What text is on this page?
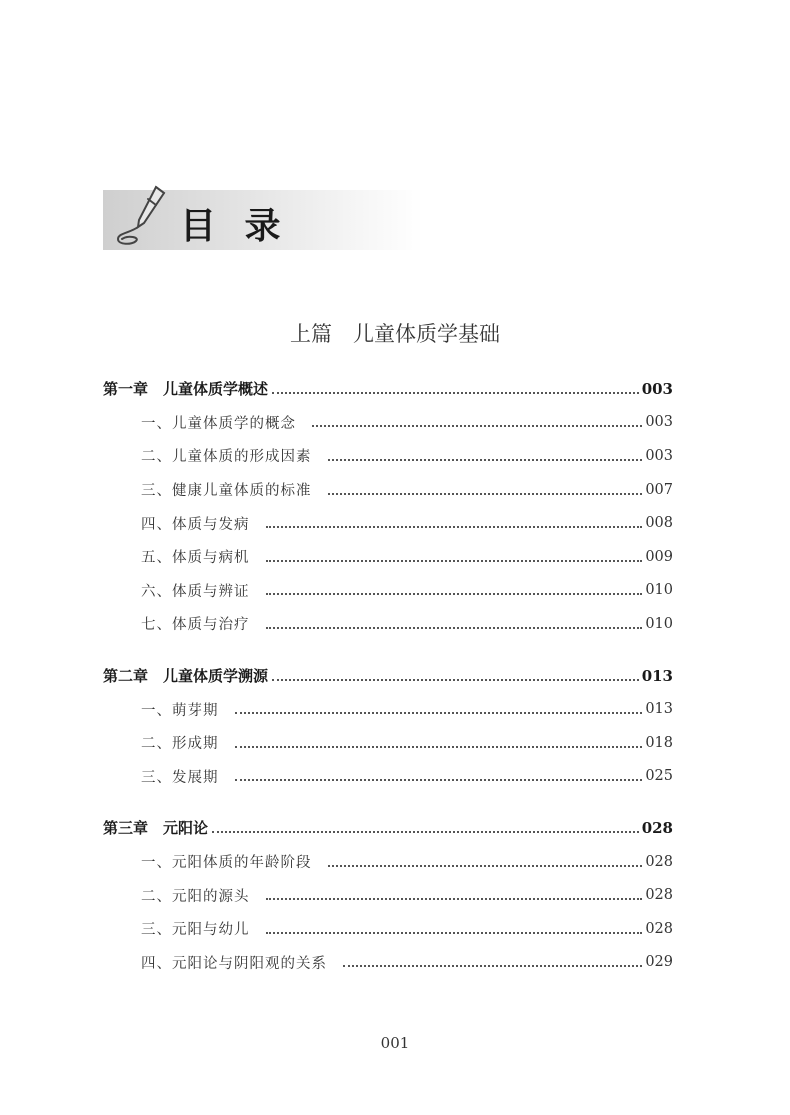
目 录
上篇　儿童体质学基础
第一章　儿童体质学概述	003
一、儿童体质学的概念	003
二、儿童体质的形成因素	003
三、健康儿童体质的标准	007
四、体质与发病	008
五、体质与病机	009
六、体质与辨证	010
七、体质与治疗	010
第二章　儿童体质学溯源	013
一、萌芽期	013
二、形成期	018
三、发展期	025
第三章　元阳论	028
一、元阳体质的年龄阶段	028
二、元阳的源头	028
三、元阳与幼儿	028
四、元阳论与阴阳观的关系	029
001
